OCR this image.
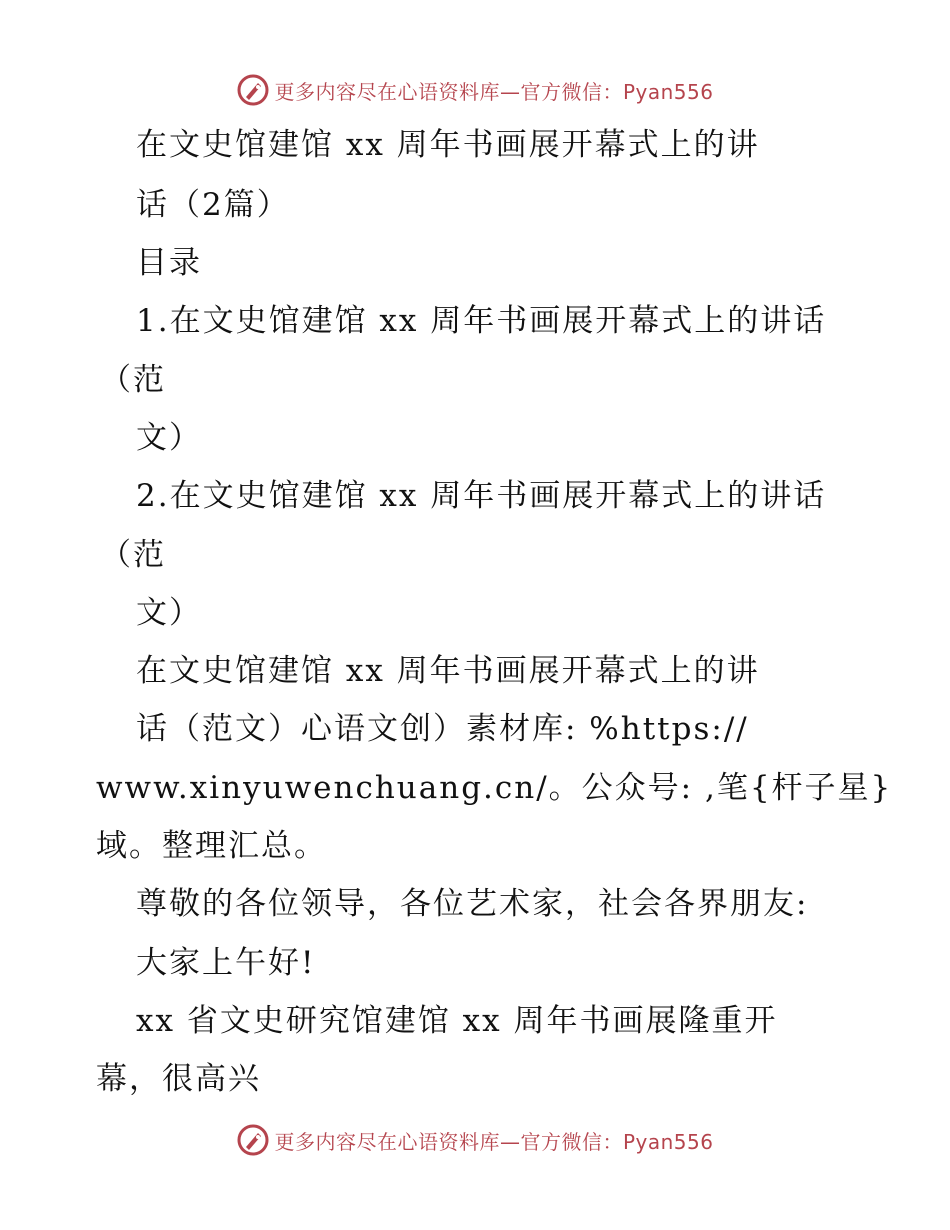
更多内容尽在心语资料库—官方微信：Pyan556
在文史馆建馆 xx 周年书画展开幕式上的讲
话（2篇）
目录
1.在文史馆建馆 xx 周年书画展开幕式上的讲话
（范
文）
2.在文史馆建馆 xx 周年书画展开幕式上的讲话
（范
文）
在文史馆建馆 xx 周年书画展开幕式上的讲
话（范文）心语文创）素材库: %https://
www.xinyuwenchuang.cn/。公众号: ,笔{杆子星}
域。整理汇总。
尊敬的各位领导，各位艺术家，社会各界朋友:
大家上午好!
xx 省文史研究馆建馆 xx 周年书画展隆重开
幕，很高兴
更多内容尽在心语资料库—官方微信：Pyan556
